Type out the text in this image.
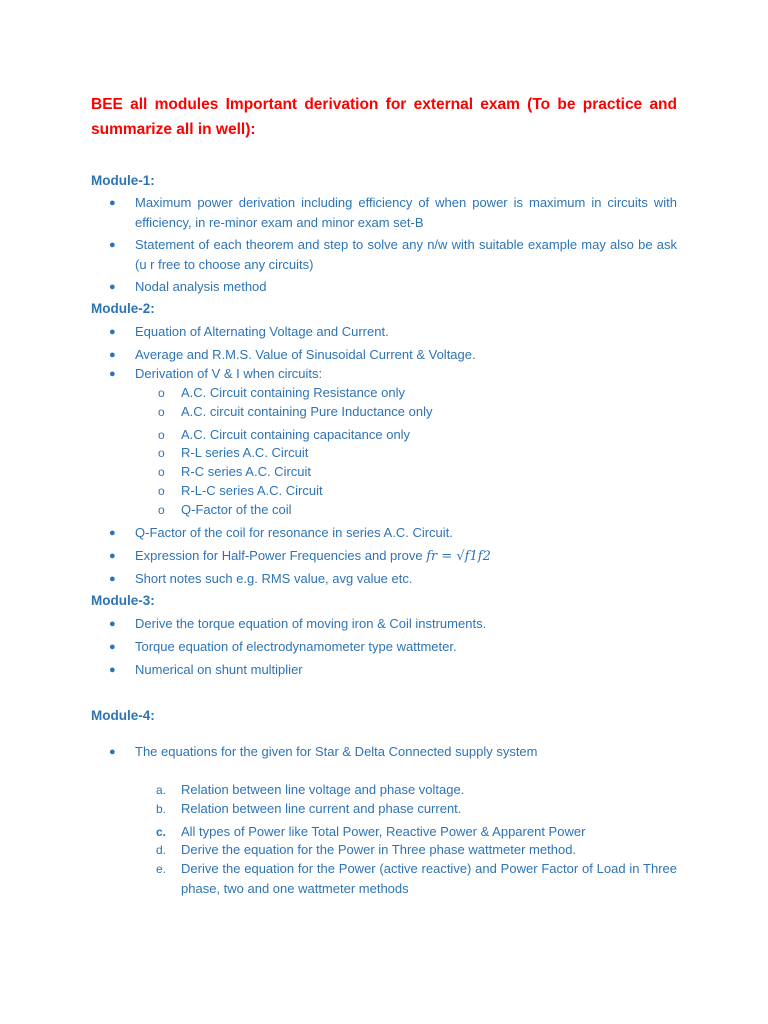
BEE all modules Important derivation for external exam (To be practice and summarize all in well):
Module-1:
● Maximum power derivation including efficiency of when power is maximum in circuits with efficiency, in re-minor exam and minor exam set-B
● Statement of each theorem and step to solve any n/w with suitable example may also be ask (u r free to choose any circuits)
● Nodal analysis method
Module-2:
● Equation of Alternating Voltage and Current.
● Average and R.M.S. Value of Sinusoidal Current & Voltage.
● Derivation of V & I when circuits:
o A.C. Circuit containing Resistance only
o A.C. circuit containing Pure Inductance only
o A.C. Circuit containing capacitance only
o R-L series A.C. Circuit
o R-C series A.C. Circuit
o R-L-C series A.C. Circuit
o Q-Factor of the coil
● Q-Factor of the coil for resonance in series A.C. Circuit.
● Expression for Half-Power Frequencies and prove 𝑓𝑟 = √𝑓1𝑓2
● Short notes such e.g. RMS value, avg value etc.
Module-3:
● Derive the torque equation of moving iron & Coil instruments.
● Torque equation of electrodynamometer type wattmeter.
● Numerical on shunt multiplier
Module-4:
● The equations for the given for Star & Delta Connected supply system
a. Relation between line voltage and phase voltage.
b. Relation between line current and phase current.
c. All types of Power like Total Power, Reactive Power & Apparent Power
d. Derive the equation for the Power in Three phase wattmeter method.
e. Derive the equation for the Power (active reactive) and Power Factor of Load in Three phase, two and one wattmeter methods
